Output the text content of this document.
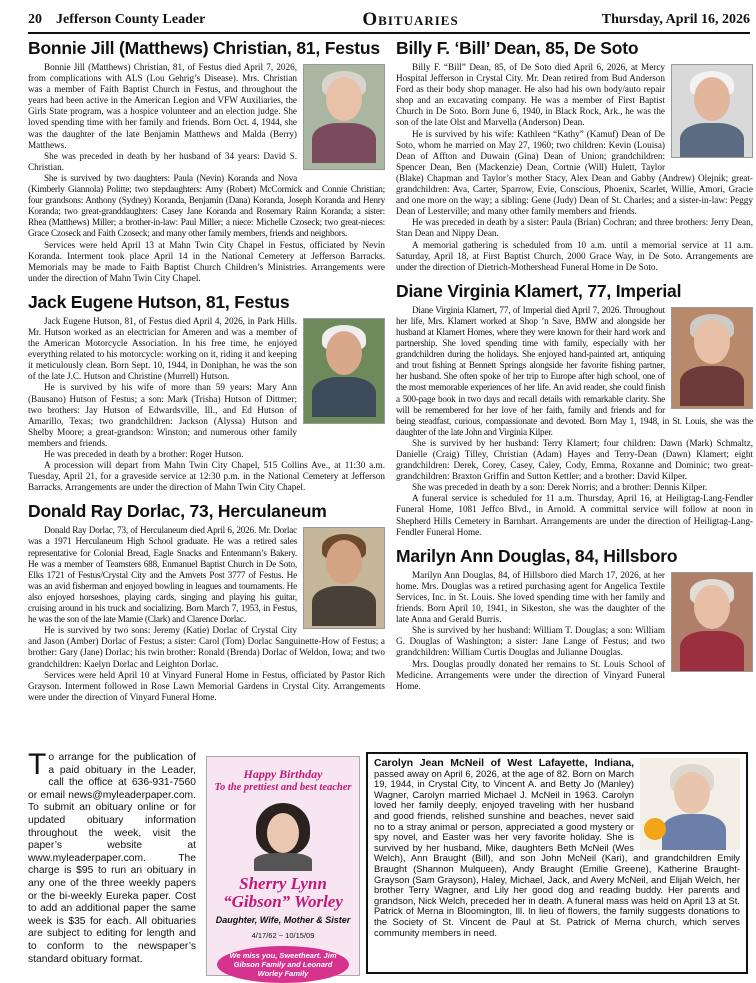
20 Jefferson County Leader	Obituaries	Thursday, April 16, 2026
Bonnie Jill (Matthews) Christian, 81, Festus

Bonnie Jill (Matthews) Christian, 81, of Festus died April 7, 2026, from complications with ALS (Lou Gehrig’s Disease). Mrs. Christian was a member of Faith Baptist Church in Festus, and throughout the years had been active in the American Legion and VFW Auxiliaries, the Girls State program, was a hospice volunteer and an election judge. She loved spending time with her family and friends. Born Oct. 4, 1944, she was the daughter of the late Benjamin Matthews and Malda (Berry) Matthews.

She was preceded in death by her husband of 34 years: David S. Christian.

She is survived by two daughters: Paula (Nevin) Koranda and Nova (Kimberly Giannola) Politte; two stepdaughters: Amy (Robert) McCormick and Connie Christian; four grandsons: Anthony (Sydney) Koranda, Benjamin (Dana) Koranda, Joseph Koranda and Henry Koranda; two great-granddaughters: Casey Jane Koranda and Rosemary Rainn Koranda; a sister: Rhea (Matthews) Miller; a brother-in-law: Paul Miller; a niece: Michelle Czoseck; two great-nieces: Grace Czoseck and Faith Czoseck; and many other family members, friends and neighbors.

Services were held April 13 at Mahn Twin City Chapel in Festus, officiated by Nevin Koranda. Interment took place April 14 in the National Cemetery at Jefferson Barracks. Memorials may be made to Faith Baptist Church Children’s Ministries. Arrangements were under the direction of Mahn Twin City Chapel.

Jack Eugene Hutson, 81, Festus

Jack Eugene Hutson, 81, of Festus died April 4, 2026, in Park Hills. Mr. Hutson worked as an electrician for Ameren and was a member of the American Motorcycle Association. In his free time, he enjoyed everything related to his motorcycle: working on it, riding it and keeping it meticulously clean. Born Sept. 10, 1944, in Doniphan, he was the son of the late J.C. Hutson and Christine (Murrell) Hutson.

He is survived by his wife of more than 59 years: Mary Ann (Bausano) Hutson of Festus; a son: Mark (Trisha) Hutson of Dittmer; two brothers: Jay Hutson of Edwardsville, Ill., and Ed Hutson of Amarillo, Texas; two grandchildren: Jackson (Alyssa) Hutson and Shelby Moore; a great-grandson: Winston; and numerous other family members and friends.

He was preceded in death by a brother: Roger Hutson.

A procession will depart from Mahn Twin City Chapel, 515 Collins Ave., at 11:30 a.m. Tuesday, April 21, for a graveside service at 12:30 p.m. in the National Cemetery at Jefferson Barracks. Arrangements are under the direction of Mahn Twin City Chapel.

Donald Ray Dorlac, 73, Herculaneum

Donald Ray Dorlac, 73, of Herculaneum died April 6, 2026. Mr. Dorlac was a 1971 Herculaneum High School graduate. He was a retired sales representative for Colonial Bread, Eagle Snacks and Entenmann’s Bakery. He was a member of Teamsters 688, Enmanuel Baptist Church in De Soto, Elks 1721 of Festus/Crystal City and the Amvets Post 3777 of Festus. He was an avid fisherman and enjoyed bowling in leagues and tournaments. He also enjoyed horseshoes, playing cards, singing and playing his guitar, cruising around in his truck and socializing. Born March 7, 1953, in Festus, he was the son of the late Mamie (Clark) and Clarence Dorlac.

He is survived by two sons: Jeremy (Katie) Dorlac of Crystal City and Jason (Amber) Dorlac of Festus; a sister: Carol (Tom) Dorlac Sanguinette-How of Festus; a brother: Gary (Jane) Dorlac; his twin brother: Ronald (Brenda) Dorlac of Weldon, Iowa; and two grandchildren: Kaelyn Dorlac and Leighton Dorlac.

Services were held April 10 at Vinyard Funeral Home in Festus, officiated by Pastor Rich Grayson. Interment followed in Rose Lawn Memorial Gardens in Crystal City. Arrangements were under the direction of Vinyard Funeral Home.

Billy F. ‘Bill’ Dean, 85, De Soto

Billy F. “Bill” Dean, 85, of De Soto died April 6, 2026, at Mercy Hospital Jefferson in Crystal City. Mr. Dean retired from Bud Anderson Ford as their body shop manager. He also had his own body/auto repair shop and an excavating company. He was a member of First Baptist Church in De Soto. Born June 6, 1940, in Black Rock, Ark., he was the son of the late Olst and Marvella (Anderson) Dean.

He is survived by his wife: Kathleen “Kathy” (Kamuf) Dean of De Soto, whom he married on May 27, 1960; two children: Kevin (Louisa) Dean of Affton and Duwain (Gina) Dean of Union; grandchildren: Spencer Dean, Ben (Mackenzie) Dean, Cortnie (Will) Hulett, Taylor (Blake) Chapman and Taylor’s mother Stacy, Alex Dean and Gabby (Andrew) Olejnik; great-grandchildren: Ava, Carter, Sparrow, Evie, Conscious, Phoenix, Scarlet, Willie, Amori, Gracie and one more on the way; a sibling: Gene (Judy) Dean of St. Charles; and a sister-in-law: Peggy Dean of Lesterville; and many other family members and friends.

He was preceded in death by a sister: Paula (Brian) Cochran; and three brothers: Jerry Dean, Stan Dean and Nippy Dean.

A memorial gathering is scheduled from 10 a.m. until a memorial service at 11 a.m. Saturday, April 18, at First Baptist Church, 2000 Grace Way, in De Soto. Arrangements are under the direction of Dietrich-Mothershead Funeral Home in De Soto.

Diane Virginia Klamert, 77, Imperial

Diane Virginia Klamert, 77, of Imperial died April 7, 2026. Throughout her life, Mrs. Klamert worked at Shop ’n Save, BMW and alongside her husband at Klamert Homes, where they were known for their hard work and partnership. She loved spending time with family, especially with her grandchildren during the holidays. She enjoyed hand-painted art, antiquing and trout fishing at Bennett Springs alongside her favorite fishing partner, her husband. She often spoke of her trip to Europe after high school, one of the most memorable experiences of her life. An avid reader, she could finish a 500-page book in two days and recall details with remarkable clarity. She will be remembered for her love of her faith, family and friends and for being steadfast, curious, compassionate and devoted. Born May 1, 1948, in St. Louis, she was the daughter of the late John and Virginia Kilper.

She is survived by her husband: Terry Klamert; four children: Dawn (Mark) Schmaltz, Danielle (Craig) Tilley, Christian (Adam) Hayes and Terry-Dean (Dawn) Klamert; eight grandchildren: Derek, Corey, Casey, Caley, Cody, Emma, Roxanne and Dominic; two great-grandchildren: Braxton Griffin and Sutton Kettler; and a brother: David Kilper.

She was preceded in death by a son: Derek Norris; and a brother: Dennis Kilper.

A funeral service is scheduled for 11 a.m. Thursday, April 16, at Heiligtag-Lang-Fendler Funeral Home, 1081 Jeffco Blvd., in Arnold. A committal service will follow at noon in Shepherd Hills Cemetery in Barnhart. Arrangements are under the direction of Heiligtag-Lang-Fendler Funeral Home.

Marilyn Ann Douglas, 84, Hillsboro

Marilyn Ann Douglas, 84, of Hillsboro died March 17, 2026, at her home. Mrs. Douglas was a retired purchasing agent for Angelica Textile Services, Inc. in St. Louis. She loved spending time with her family and friends. Born April 10, 1941, in Sikeston, she was the daughter of the late Anna and Gerald Burris.

She is survived by her husband: William T. Douglas; a son: William G. Douglas of Washington; a sister: Jane Lange of Festus; and two grandchildren: William Curtis Douglas and Julianne Douglas.

Mrs. Douglas proudly donated her remains to St. Louis School of Medicine. Arrangements were under the direction of Vinyard Funeral Home.

To arrange for the publication of a paid obituary in the Leader, call the office at 636-931-7560 or email news@myleaderpaper.com. To submit an obituary online or for updated obituary information throughout the week, visit the paper’s website at www.myleaderpaper.com. The charge is $95 to run an obituary in any one of the three weekly papers or the bi-weekly Eureka paper. Cost to add an additional paper the same week is $35 for each. All obituaries are subject to editing for length and to conform to the newspaper’s standard obituary format.
Happy Birthday
To the prettiest and best teacher
Sherry Lynn
“Gibson” Worley
Daughter, Wife, Mother & Sister
4/17/62 ~ 10/15/09
We miss you, Sweetheart. Jim Gibson Family and Leonard Worley Family
Carolyn Jean McNeil of West Lafayette, Indiana, passed away on April 6, 2026, at the age of 82. Born on March 19, 1944, in Crystal City, to Vincent A. and Betty Jo (Manley) Wagner, Carolyn married Michael J. McNeil in 1963. Carolyn loved her family deeply, enjoyed traveling with her husband and good friends, relished sunshine and beaches, never said no to a stray animal or person, appreciated a good mystery or spy novel, and Easter was her very favorite holiday. She is survived by her husband, Mike, daughters Beth McNeil (Wes Welch), Ann Braught (Bill), and son John McNeil (Kari), and grandchildren Emily Braught (Shannon Mulqueen), Andy Braught (Emilie Greene), Katherine Braught-Grayson (Sam Grayson), Haley, Michael, Jack, and Avery McNeil, and Elijah Welch, her brother Terry Wagner, and Lily her good dog and reading buddy. Her parents and grandson, Nick Welch, preceded her in death. A funeral mass was held on April 13 at St. Patrick of Merna in Bloomington, Ill. In lieu of flowers, the family suggests donations to the Society of St. Vincent de Paul at St. Patrick of Merna church, which serves community members in need.
